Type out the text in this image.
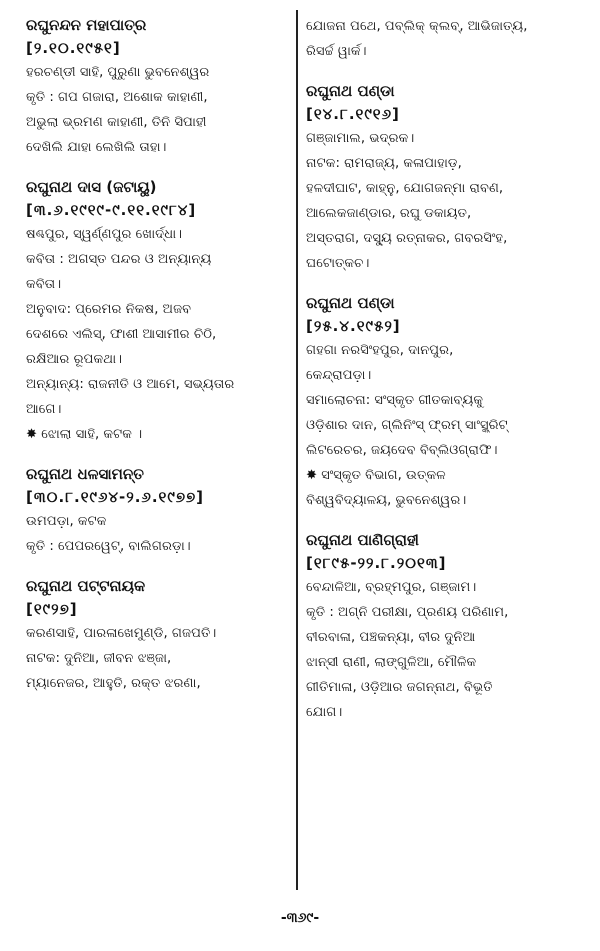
ରଘୁନନ୍ଦନ ମହାପାତ୍ର
[୨.୧୦.୧୯୫୧]
ହରଚଣ୍ଡୀ ସାହି, ପୁରୁଣା ଭୁବନେଶ୍ୱର
କୃତି : ଗପ ଗଜାରା, ଅଶୋକ କାହାଣୀ,
ଅଭୁଲା ଭ୍ରମଣ କାହାଣୀ, ତିନି ସିପାହୀ
ଦେଖିଲି ଯାହା ଲେଖିଲି ତାହା।
ରଘୁନାଥ ଦାସ (ଜଟାୟୁ)
[୩.୬.୧୯୧୯-୯.୧୧.୧୯୮୪]
ଷଣ୍ଢପୁର, ସ୍ୱର୍ଣ୍ଣପୁର ଖୋର୍ଦ୍ଧା।
କବିତା : ଅଗସ୍ତ ପନ୍ଦର ଓ ଅନ୍ୟାନ୍ୟ
କବିତା।
ଅନୁବାଦ: ପ୍ରେମର ନିକଷ, ଅଜବ
ଦେଶରେ ଏଲିସ୍, ଫାଶୀ ଆସାମୀର ଚିଠି,
ରକ୍ଷିଆର ରୂପକଥା।
ଅନ୍ୟାନ୍ୟ: ରାଜନୀତି ଓ ଆମେ, ସଭ୍ୟତାର
ଆଗେ।
✸ ଝୋଲା ସାହି, କଟକ ।
ରଘୁନାଥ ଧଳସାମନ୍ତ
[୩୦.୮.୧୯୬୪-୨.୬.୧୯୭୭]
ଉମପଡ଼ା, କଟକ
କୃତି : ପେପରୱେଟ୍, ବାଲିଗରଡ଼ା।
ରଘୁନାଥ ପଟ୍ଟନାୟକ
[୧୯୨୭]
କରଣସାହି, ପାରଳାଖେମୁଣ୍ଡି, ଗଜପତି।
ନାଟକ: ଦୁନିଆ, ଜୀବନ ଝଞ୍ଜା,
ମ୍ୟାନେଜର, ଆହୁତି, ରକ୍ତ ଝରଣା,
ଯୋଜନା ପଥେ, ପବ୍ଲିକ୍ କ୍ଲବ୍, ଆଭିଜାତ୍ୟ,
ରିସର୍ଚ୍ଚ ୱାର୍କ।
ରଘୁନାଥ ପଣ୍ଡା
[୧୪.୮.୧୯୧୬]
ଗଞ୍ଜାମାଲ, ଭଦ୍ରକ।
ନାଟକ: ରାମରାଜ୍ୟ, କଳାପାହାଡ଼,
ହଳଦୀଘାଟ, କାହ୍ନୁ, ଯୋଗଜନ୍ମା ରାବଣ,
ଆଲେକଜାଣ୍ଡାର, ରଘୁ ଡକାୟତ,
ଅସ୍ତରାଗ, ଦସ୍ୟୁ ରତ୍ନାକର, ଗବରସିଂହ,
ଘଟୋତ୍କଚ।
ରଘୁନାଥ ପଣ୍ଡା
[୨୫.୪.୧୯୫୨]
ଗହଗା ନରସିଂହପୁର, ଦାନପୁର,
କେନ୍ଦ୍ରାପଡ଼ା।
ସମାଲୋଚନା: ସଂସ୍କୃତ ଗୀତକାବ୍ୟକୁ
ଓଡ଼ିଶାର ଦାନ, ଗ୍ଲିନିଂସ୍ ଫ୍ରମ୍ ସାଂସ୍କ୍ରିଟ୍
ଲିଟରେଚର, ଜୟଦେବ ବିବ୍ଲିଓଗ୍ରାଫି।
✸ ସଂସ୍କୃତ ବିଭାଗ, ଉତ୍କଳ
ବିଶ୍ୱବିଦ୍ୟାଳୟ, ଭୁବନେଶ୍ୱର।
ରଘୁନାଥ ପାଣିଗ୍ରାହୀ
[୧୮୯୫-୨୨.୮.୨୦୧୩]
ବେନ୍ଦାଳିଆ, ବ୍ରହ୍ମପୁର, ଗଞ୍ଜାମ।
କୃତି : ଅଗ୍ନି ପରୀକ୍ଷା, ପ୍ରଣୟ ପରିଣାମ,
ବୀରବାଳା, ପଞ୍ଚକନ୍ୟା, ବୀର ଦୁନିଆ
ଝାନ୍ସୀ ରାଣୀ, ଲାଙ୍ଗୁଳିଆ, ମୌଳିକ
ଗୀତିମାଳା, ଓଡ଼ିଆର ଜଗନ୍ନାଥ, ବିଭୂତି
ଯୋଗ।
-୩୬୯-
